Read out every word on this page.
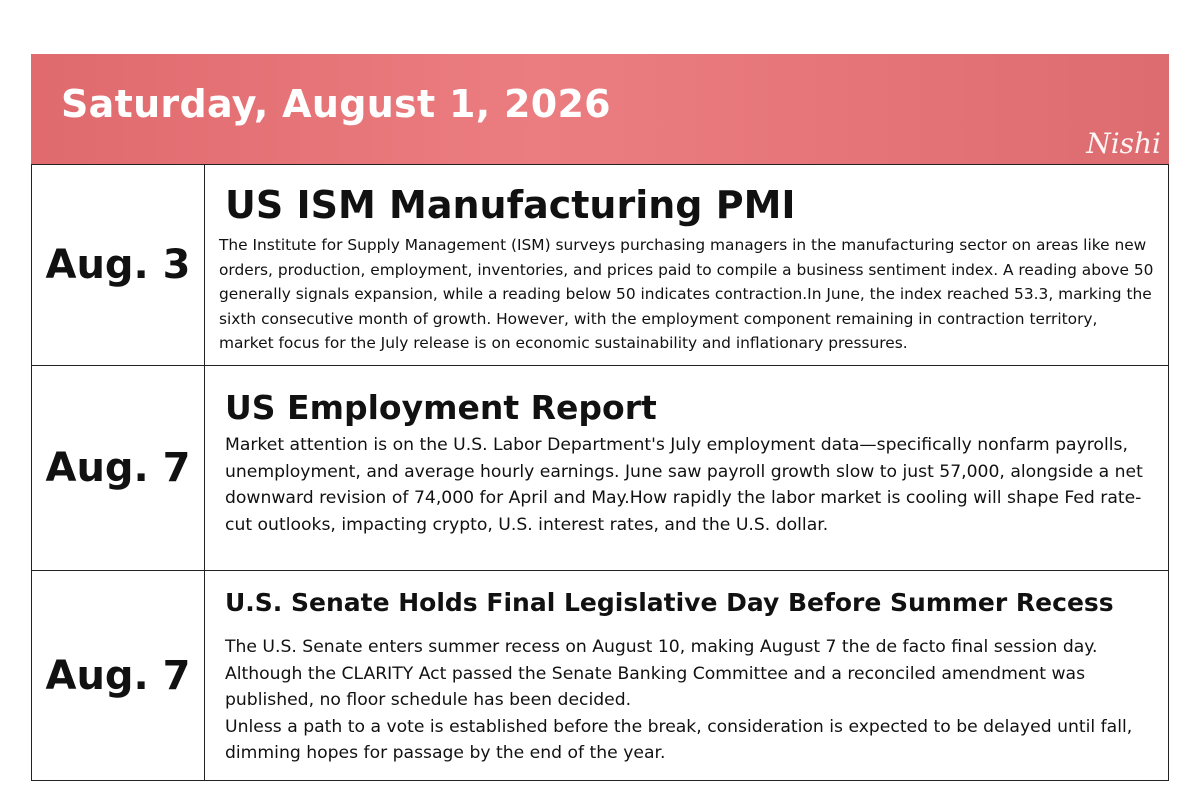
Saturday, August 1, 2026
Nishi
Aug. 3

US ISM Manufacturing PMI

The Institute for Supply Management (ISM) surveys purchasing managers in the manufacturing sector on areas like new orders, production, employment, inventories, and prices paid to compile a business sentiment index. A reading above 50 generally signals expansion, while a reading below 50 indicates contraction.In June, the index reached 53.3, marking the sixth consecutive month of growth. However, with the employment component remaining in contraction territory, market focus for the July release is on economic sustainability and inflationary pressures.

Aug. 7

US Employment Report

Market attention is on the U.S. Labor Department's July employment data—specifically nonfarm payrolls, unemployment, and average hourly earnings. June saw payroll growth slow to just 57,000, alongside a net downward revision of 74,000 for April and May.How rapidly the labor market is cooling will shape Fed rate-cut outlooks, impacting crypto, U.S. interest rates, and the U.S. dollar.

Aug. 7

U.S. Senate Holds Final Legislative Day Before Summer Recess

The U.S. Senate enters summer recess on August 10, making August 7 the de facto final session day. Although the CLARITY Act passed the Senate Banking Committee and a reconciled amendment was published, no floor schedule has been decided.
Unless a path to a vote is established before the break, consideration is expected to be delayed until fall, dimming hopes for passage by the end of the year.
